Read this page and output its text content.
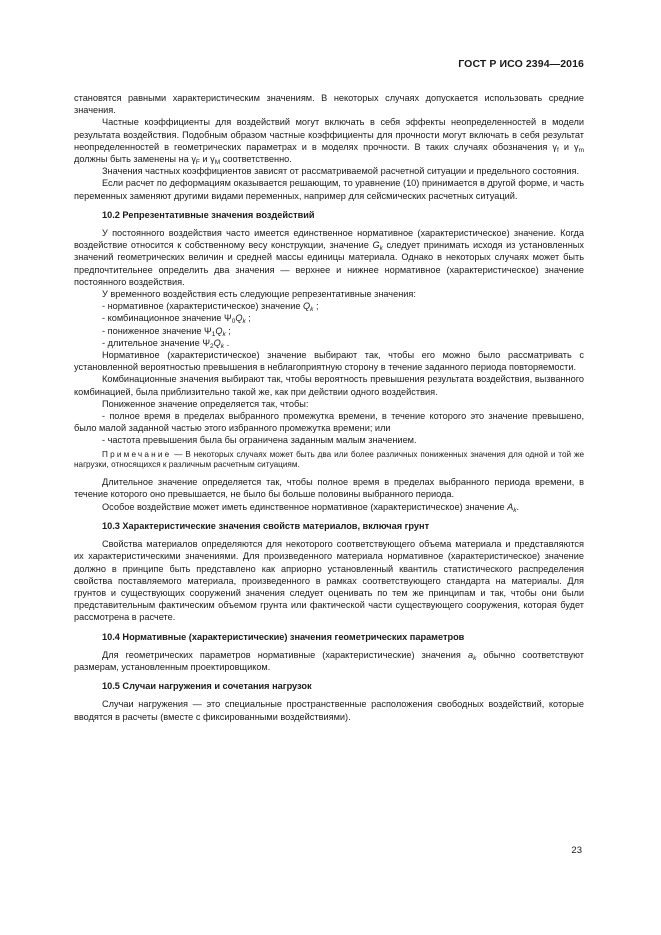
ГОСТ Р ИСО 2394—2016

становятся равными характеристическим значениям. В некоторых случаях допускается использовать средние значения.

Частные коэффициенты для воздействий могут включать в себя эффекты неопределенностей в модели результата воздействия. Подобным образом частные коэффициенты для прочности могут включать в себя результат неопределенностей в геометрических параметрах и в моделях прочности. В таких случаях обозначения $\gamma_f$ и $\gamma_m$ должны быть заменены на $\gamma_F$ и $\gamma_M$ соответственно.

Значения частных коэффициентов зависят от рассматриваемой расчетной ситуации и предельного состояния.

Если расчет по деформациям оказывается решающим, то уравнение (10) принимается в другой форме, и часть переменных заменяют другими видами переменных, например для сейсмических расчетных ситуаций.

10.2 Репрезентативные значения воздействий

У постоянного воздействия часто имеется единственное нормативное (характеристическое) значение. Когда воздействие относится к собственному весу конструкции, значение $G_k$ следует принимать исходя из установленных значений геометрических величин и средней массы единицы материала. Однако в некоторых случаях может быть предпочтительнее определить два значения — верхнее и нижнее нормативное (характеристическое) значение постоянного воздействия.

У временного воздействия есть следующие репрезентативные значения:

- нормативное (характеристическое) значение $Q_k$ ;

- комбинационное значение $\Psi_0Q_k$ ;

- пониженное значение $\Psi_1Q_k$ ;

- длительное значение $\Psi_2Q_k$ .

Нормативное (характеристическое) значение выбирают так, чтобы его можно было рассматривать с установленной вероятностью превышения в неблагоприятную сторону в течение заданного периода повторяемости.

Комбинационные значения выбирают так, чтобы вероятность превышения результата воздействия, вызванного комбинацией, была приблизительно такой же, как при действии одного воздействия.

Пониженное значение определяется так, чтобы:

- полное время в пределах выбранного промежутка времени, в течение которого это значение превышено, было малой заданной частью этого избранного промежутка времени; или

- частота превышения была бы ограничена заданным малым значением.

Примечание — В некоторых случаях может быть два или более различных пониженных значения для одной и той же нагрузки, относящихся к различным расчетным ситуациям.

Длительное значение определяется так, чтобы полное время в пределах выбранного периода времени, в течение которого оно превышается, не было бы больше половины выбранного периода.

Особое воздействие может иметь единственное нормативное (характеристическое) значение $A_k$.

10.3 Характеристические значения свойств материалов, включая грунт

Свойства материалов определяются для некоторого соответствующего объема материала и представляются их характеристическими значениями. Для произведенного материала нормативное (характеристическое) значение должно в принципе быть представлено как априорно установленный квантиль статистического распределения свойства поставляемого материала, произведенного в рамках соответствующего стандарта на материалы. Для грунтов и существующих сооружений значения следует оценивать по тем же принципам и так, чтобы они были представительным фактическим объемом грунта или фактической части существующего сооружения, которая будет рассмотрена в расчете.

10.4 Нормативные (характеристические) значения геометрических параметров

Для геометрических параметров нормативные (характеристические) значения $a_k$ обычно соответствуют размерам, установленным проектировщиком.

10.5 Случаи нагружения и сочетания нагрузок

Случаи нагружения — это специальные пространственные расположения свободных воздействий, которые вводятся в расчеты (вместе с фиксированными воздействиями).

23
